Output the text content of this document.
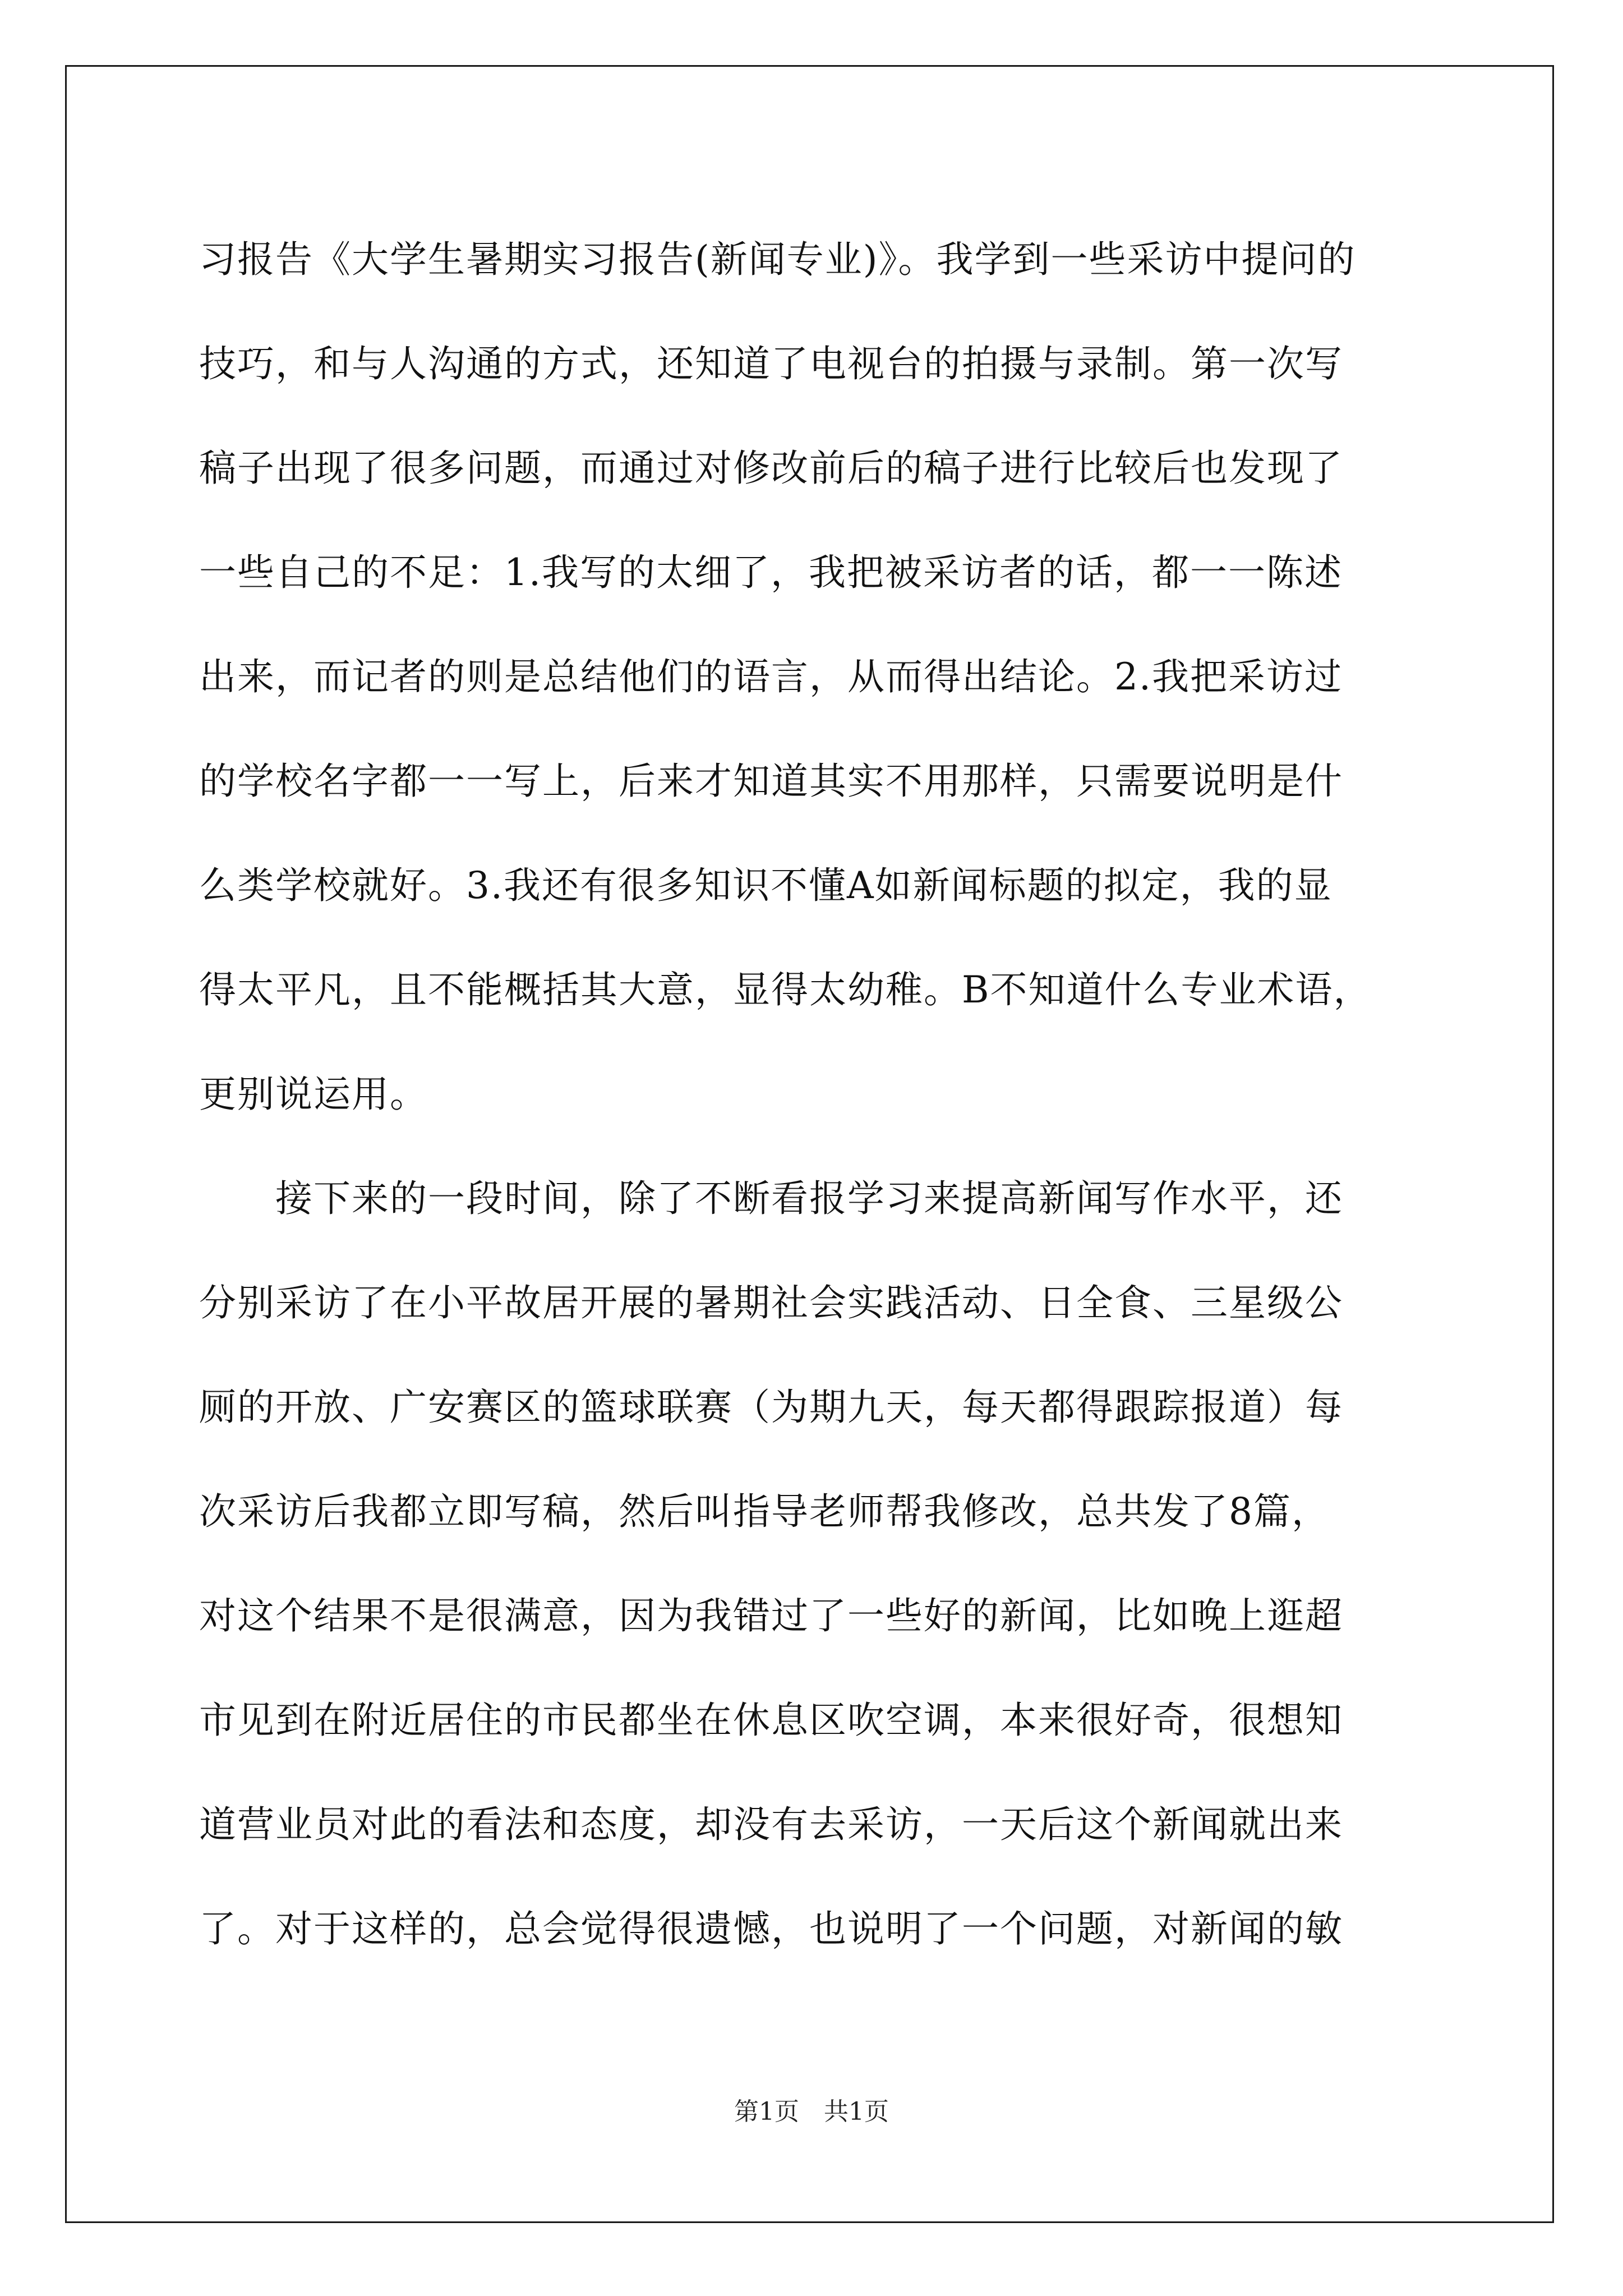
习报告《大学生暑期实习报告(新闻专业)》。我学到一些采访中提问的
技巧，和与人沟通的方式，还知道了电视台的拍摄与录制。第一次写
稿子出现了很多问题，而通过对修改前后的稿子进行比较后也发现了
一些自己的不足：1.我写的太细了，我把被采访者的话，都一一陈述
出来，而记者的则是总结他们的语言，从而得出结论。2.我把采访过
的学校名字都一一写上，后来才知道其实不用那样，只需要说明是什
么类学校就好。3.我还有很多知识不懂A如新闻标题的拟定，我的显
得太平凡，且不能概括其大意，显得太幼稚。B不知道什么专业术语，
更别说运用。
　　接下来的一段时间，除了不断看报学习来提高新闻写作水平，还
分别采访了在小平故居开展的暑期社会实践活动、日全食、三星级公
厕的开放、广安赛区的篮球联赛（为期九天，每天都得跟踪报道）每
次采访后我都立即写稿，然后叫指导老师帮我修改，总共发了8篇，
对这个结果不是很满意，因为我错过了一些好的新闻，比如晚上逛超
市见到在附近居住的市民都坐在休息区吹空调，本来很好奇，很想知
道营业员对此的看法和态度，却没有去采访，一天后这个新闻就出来
了。对于这样的，总会觉得很遗憾，也说明了一个问题，对新闻的敏
第1页 共1页
